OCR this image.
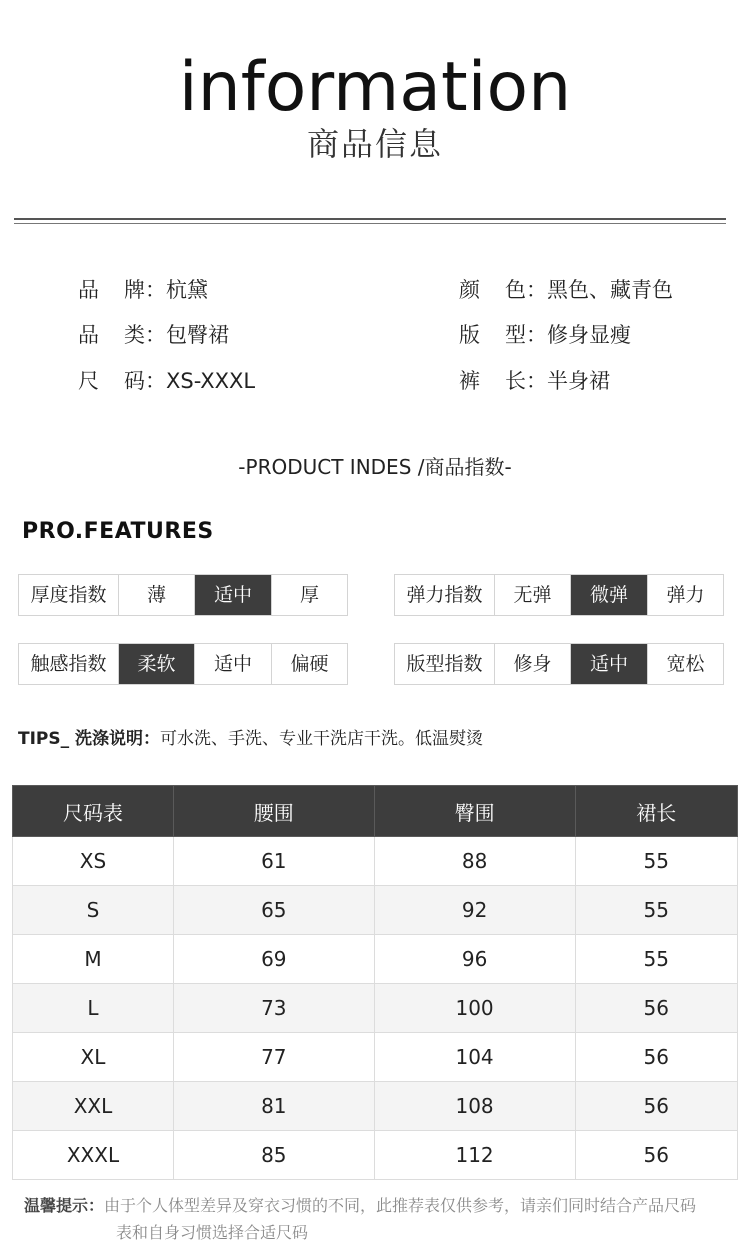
information
商品信息
品 牌：杭黛
品 类：包臀裙
尺 码：XS-XXXL
颜 色：黑色、藏青色
版 型：修身显瘦
裤 长：半身裙
-PRODUCT INDES /商品指数-
PRO.FEATURES
厚度指数	薄	适中	厚	弹力指数	无弹	微弹	弹力
触感指数	柔软	适中	偏硬	版型指数	修身	适中	宽松
TIPS_ 洗涤说明：可水洗、手洗、专业干洗店干洗。低温熨烫
尺码表	腰围	臀围	裙长
XS	61	88	55
S	65	92	55
M	69	96	55
L	73	100	56
XL	77	104	56
XXL	81	108	56
XXXL	85	112	56
温馨提示：由于个人体型差异及穿衣习惯的不同，此推荐表仅供参考，请亲们同时结合产品尺码
表和自身习惯选择合适尺码
